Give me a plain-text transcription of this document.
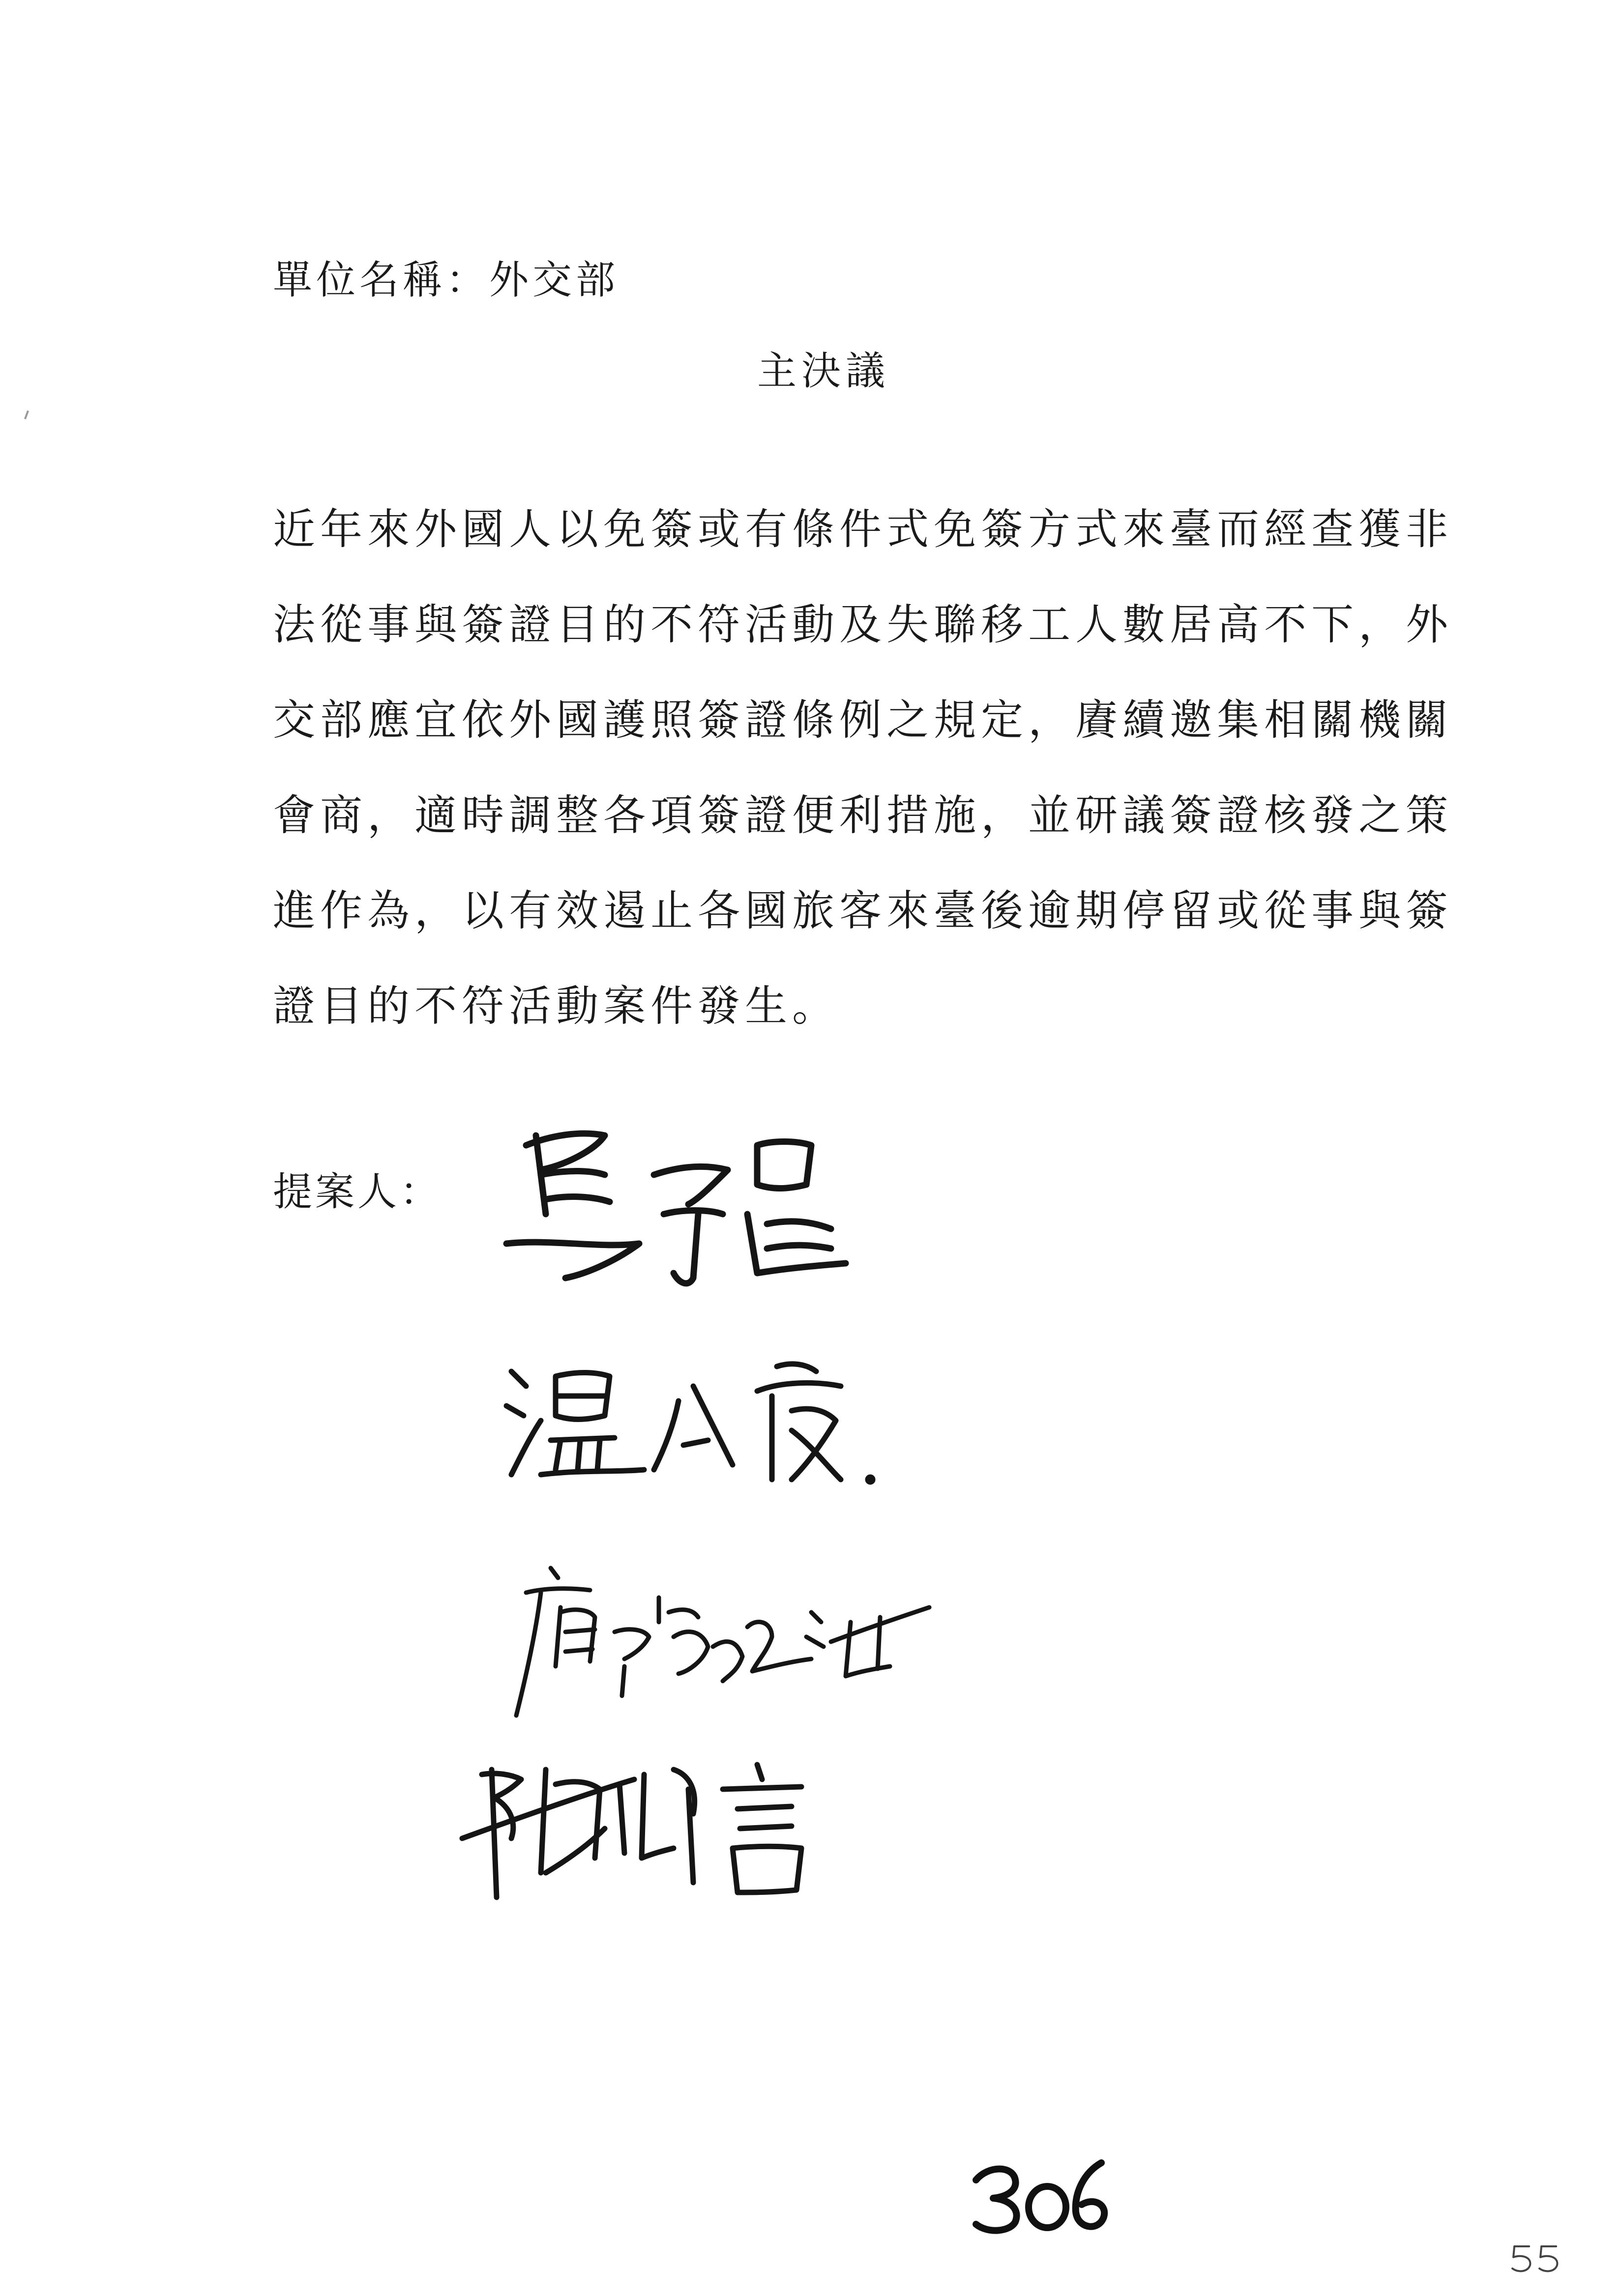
單位名稱：外交部
主決議
近年來外國人以免簽或有條件式免簽方式來臺而經查獲非
法從事與簽證目的不符活動及失聯移工人數居高不下，外
交部應宜依外國護照簽證條例之規定，賡續邀集相關機關
會商，適時調整各項簽證便利措施，並研議簽證核發之策
進作為，以有效遏止各國旅客來臺後逾期停留或從事與簽
證目的不符活動案件發生。
提案人：
